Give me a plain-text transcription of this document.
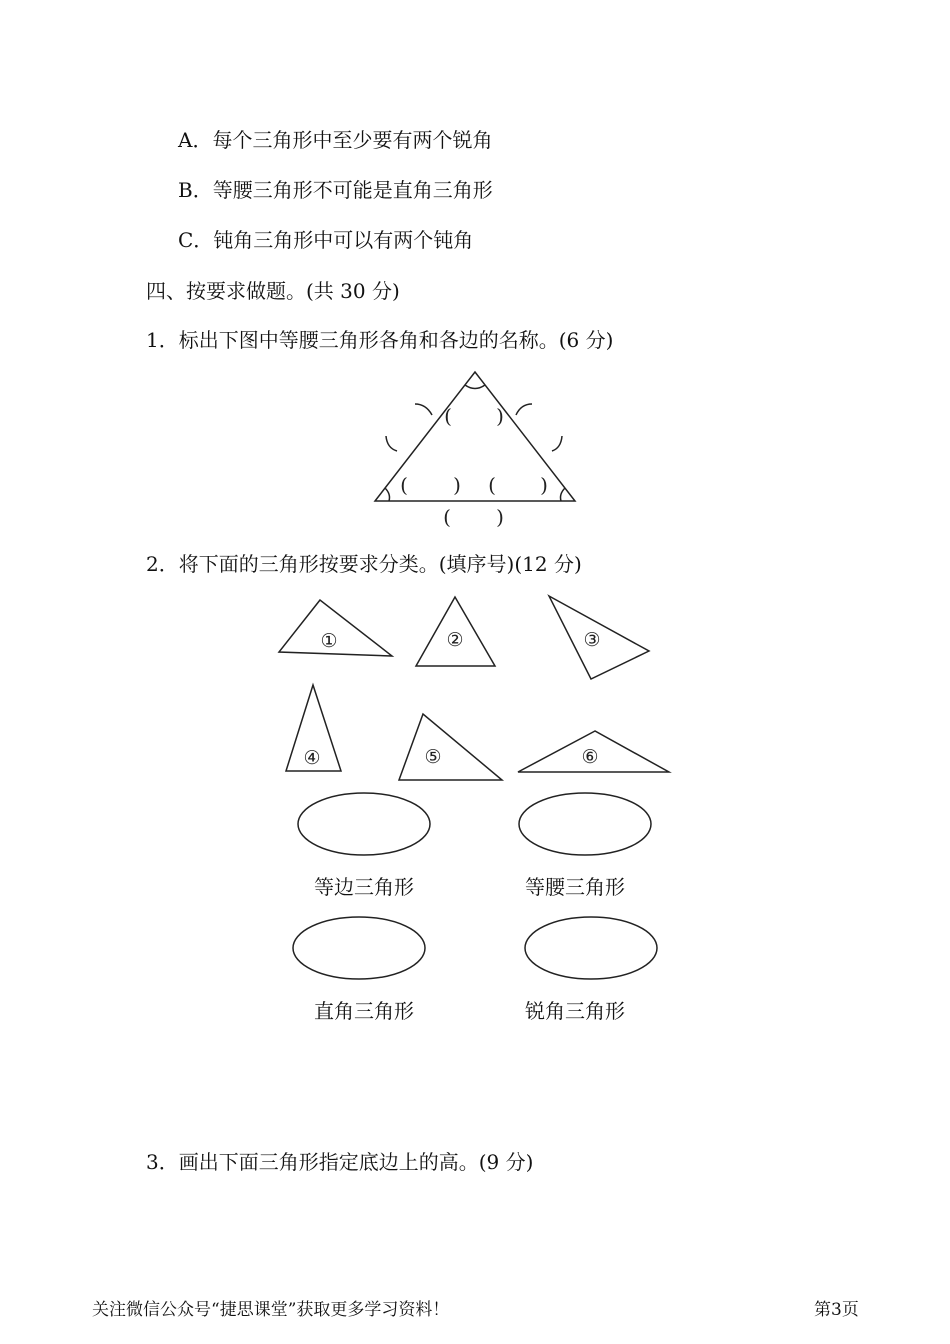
A．每个三角形中至少要有两个锐角
B．等腰三角形不可能是直角三角形
C．钝角三角形中可以有两个钝角
四、按要求做题。(共 30 分)
1．标出下图中等腰三角形各角和各边的名称。(6 分)
①	②	③
④	⑤	⑥
( )
( ) ( )
( )
2．将下面的三角形按要求分类。(填序号)(12 分)
等边三角形	等腰三角形
直角三角形	锐角三角形
3．画出下面三角形指定底边上的高。(9 分)
关注微信公众号“捷思课堂”获取更多学习资料！	第3页
